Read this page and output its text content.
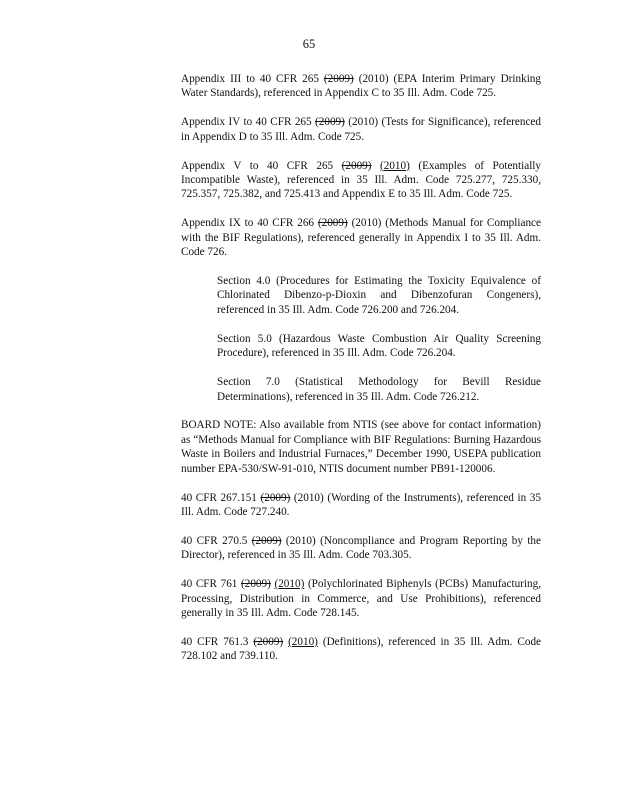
65

Appendix III to 40 CFR 265 (2009) (2010) (EPA Interim Primary Drinking Water Standards), referenced in Appendix C to 35 Ill. Adm. Code 725.

Appendix IV to 40 CFR 265 (2009) (2010) (Tests for Significance), referenced in Appendix D to 35 Ill. Adm. Code 725.

Appendix V to 40 CFR 265 (2009) (2010) (Examples of Potentially Incompatible Waste), referenced in 35 Ill. Adm. Code 725.277, 725.330, 725.357, 725.382, and 725.413 and Appendix E to 35 Ill. Adm. Code 725.

Appendix IX to 40 CFR 266 (2009) (2010) (Methods Manual for Compliance with the BIF Regulations), referenced generally in Appendix I to 35 Ill. Adm. Code 726.

Section 4.0 (Procedures for Estimating the Toxicity Equivalence of Chlorinated Dibenzo-p-Dioxin and Dibenzofuran Congeners), referenced in 35 Ill. Adm. Code 726.200 and 726.204.

Section 5.0 (Hazardous Waste Combustion Air Quality Screening Procedure), referenced in 35 Ill. Adm. Code 726.204.

Section 7.0 (Statistical Methodology for Bevill Residue Determinations), referenced in 35 Ill. Adm. Code 726.212.

BOARD NOTE: Also available from NTIS (see above for contact information) as “Methods Manual for Compliance with BIF Regulations: Burning Hazardous Waste in Boilers and Industrial Furnaces,” December 1990, USEPA publication number EPA-530/SW-91-010, NTIS document number PB91-120006.

40 CFR 267.151 (2009) (2010) (Wording of the Instruments), referenced in 35 Ill. Adm. Code 727.240.

40 CFR 270.5 (2009) (2010) (Noncompliance and Program Reporting by the Director), referenced in 35 Ill. Adm. Code 703.305.

40 CFR 761 (2009) (2010) (Polychlorinated Biphenyls (PCBs) Manufacturing, Processing, Distribution in Commerce, and Use Prohibitions), referenced generally in 35 Ill. Adm. Code 728.145.

40 CFR 761.3 (2009) (2010) (Definitions), referenced in 35 Ill. Adm. Code 728.102 and 739.110.
